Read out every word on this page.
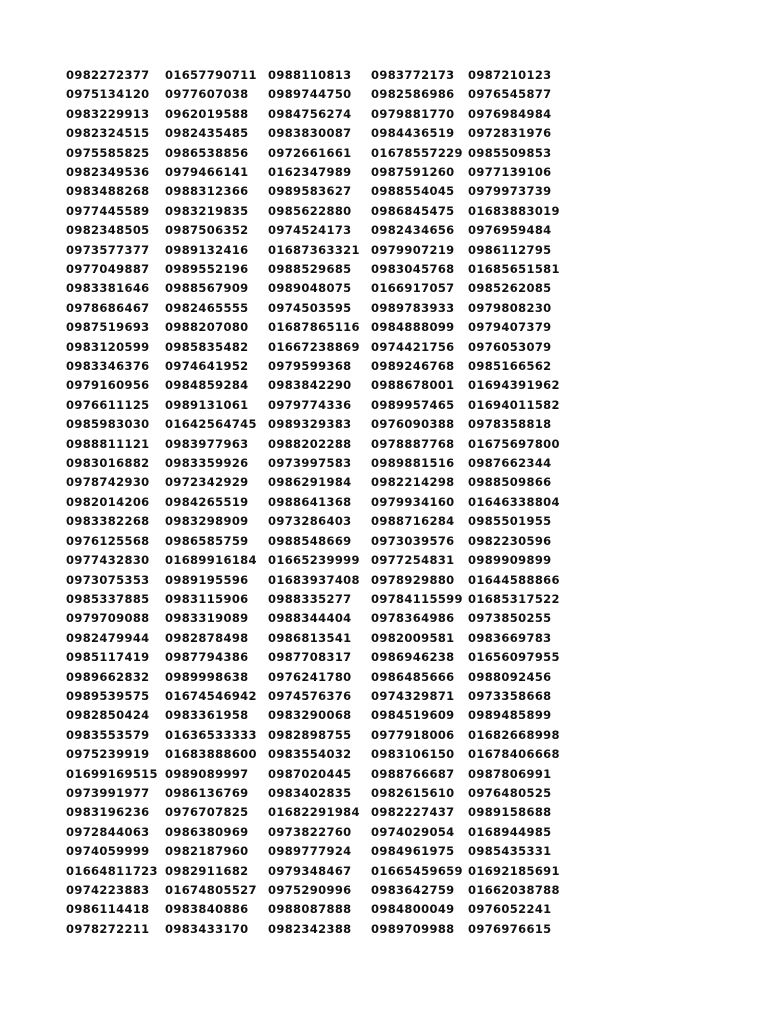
0982272377	01657790711 0988110813	0983772173	0987210123
0975134120	0977607038	0989744750	0982586986	0976545877
0983229913	0962019588	0984756274	0979881770	0976984984
0982324515	0982435485	0983830087	0984436519	0972831976
0975585825	0986538856	0972661661	01678557229 0985509853
0982349536	0979466141	0162347989	0987591260	0977139106
0983488268	0988312366	0989583627	0988554045	0979973739
0977445589	0983219835	0985622880	0986845475	01683883019
0982348505	0987506352	0974524173	0982434656	0976959484
0973577377	0989132416	01687363321 0979907219	0986112795
0977049887	0989552196	0988529685	0983045768	01685651581
0983381646	0988567909	0989048075	0166917057	0985262085
0978686467	0982465555	0974503595	0989783933	0979808230
0987519693	0988207080	01687865116 0984888099	0979407379
0983120599	0985835482	01667238869 0974421756	0976053079
0983346376	0974641952	0979599368	0989246768	0985166562
0979160956	0984859284	0983842290	0988678001	01694391962
0976611125	0989131061	0979774336	0989957465	01694011582
0985983030	01642564745 0989329383	0976090388	0978358818
0988811121	0983977963	0988202288	0978887768	01675697800
0983016882	0983359926	0973997583	0989881516	0987662344
0978742930	0972342929	0986291984	0982214298	0988509866
0982014206	0984265519	0988641368	0979934160	01646338804
0983382268	0983298909	0973286403	0988716284	0985501955
0976125568	0986585759	0988548669	0973039576	0982230596
0977432830	01689916184 01665239999 0977254831	0989909899
0973075353	0989195596	01683937408 0978929880	01644588866
0985337885	0983115906	0988335277	09784115599 01685317522
0979709088	0983319089	0988344404	0978364986	0973850255
0982479944	0982878498	0986813541	0982009581	0983669783
0985117419	0987794386	0987708317	0986946238	01656097955
0989662832	0989998638	0976241780	0986485666	0988092456
0989539575	01674546942 0974576376	0974329871	0973358668
0982850424	0983361958	0983290068	0984519609	0989485899
0983553579	01636533333 0982898755	0977918006	01682668998
0975239919	01683888600 0983554032	0983106150	01678406668
01699169515 0989089997	0987020445	0988766687	0987806991
0973991977	0986136769	0983402835	0982615610	0976480525
0983196236	0976707825	01682291984 0982227437	0989158688
0972844063	0986380969	0973822760	0974029054	0168944985
0974059999	0982187960	0989777924	0984961975	0985435331
01664811723 0982911682	0979348467	01665459659 01692185691
0974223883	01674805527 0975290996	0983642759	01662038788
0986114418	0983840886	0988087888	0984800049	0976052241
0978272211	0983433170	0982342388	0989709988	0976976615
